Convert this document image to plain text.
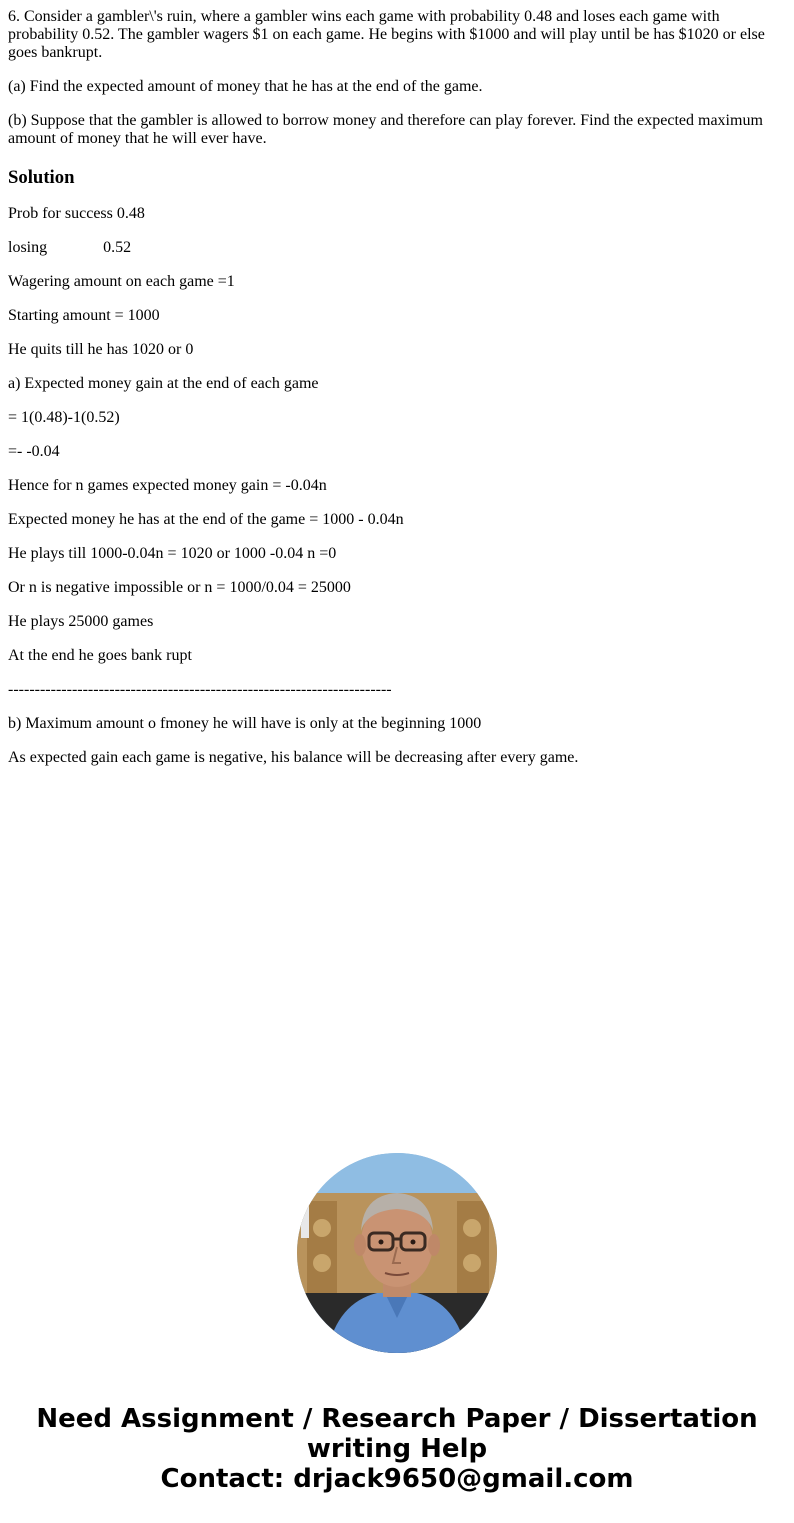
6. Consider a gambler\'s ruin, where a gambler wins each game with probability 0.48 and loses each game with probability 0.52. The gambler wagers $1 on each game. He begins with $1000 and will play until be has $1020 or else goes bankrupt.

(a) Find the expected amount of money that he has at the end of the game.

(b) Suppose that the gambler is allowed to borrow money and therefore can play forever. Find the expected maximum amount of money that he will ever have.

Solution

Prob for success 0.48

losing              0.52

Wagering amount on each game =1

Starting amount = 1000

He quits till he has 1020 or 0

a) Expected money gain at the end of each game

= 1(0.48)-1(0.52)

=- -0.04

Hence for n games expected money gain = -0.04n

Expected money he has at the end of the game = 1000 - 0.04n

He plays till 1000-0.04n = 1020 or 1000 -0.04 n =0

Or n is negative impossible or n = 1000/0.04 = 25000

He plays 25000 games

At the end he goes bank rupt

------------------------------------------------------------------------

b) Maximum amount o fmoney he will have is only at the beginning 1000

As expected gain each game is negative, his balance will be decreasing after every game.

Need Assignment / Research Paper / Dissertation
writing Help
Contact: drjack9650@gmail.com
